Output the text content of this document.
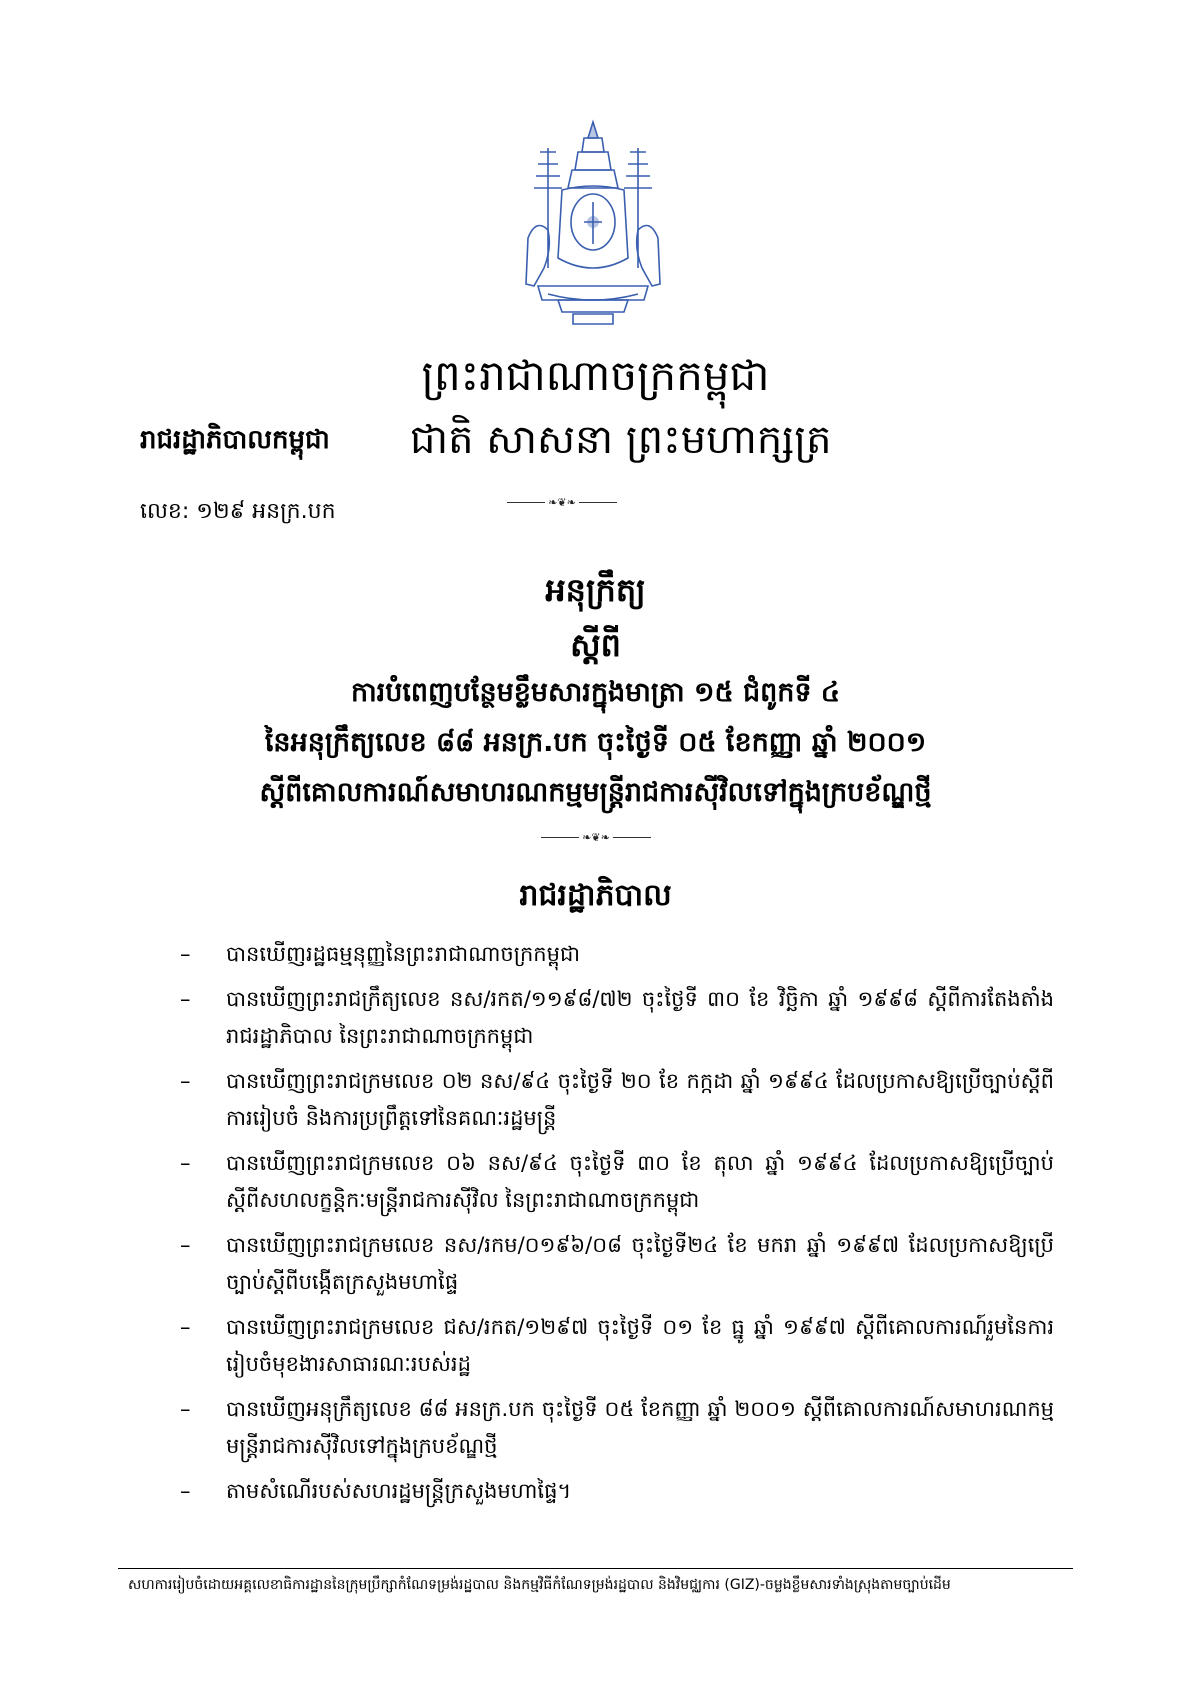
ព្រះរាជាណាចក្រកម្ពុជា
រាជរដ្ឋាភិបាលកម្ពុជា ជាតិ សាសនា ព្រះមហាក្សត្រ
❧❦❧
លេខ: ១២៩ អនក្រ.បក
អនុក្រឹត្យ
ស្តីពី
ការបំពេញបន្ថែមខ្លឹមសារក្នុងមាត្រា ១៥ ជំពូកទី ៤
នៃអនុក្រឹត្យលេខ ៨៨ អនក្រ.បក ចុះថ្ងៃទី ០៥ ខែកញ្ញា ឆ្នាំ ២០០១
ស្តីពីគោលការណ៍សមាហរណកម្មមន្ត្រីរាជការស៊ីវិលទៅក្នុងក្របខ័ណ្ឌថ្មី
❧❦❧
រាជរដ្ឋាភិបាល
– បានឃើញរដ្ឋធម្មនុញ្ញនៃព្រះរាជាណាចក្រកម្ពុជា
– បានឃើញព្រះរាជក្រឹត្យលេខ នស/រកត/១១៩៨/៧២ ចុះថ្ងៃទី ៣០ ខែ វិច្ឆិកា ឆ្នាំ ១៩៩៨ ស្តីពីការតែងតាំងរាជរដ្ឋាភិបាល នៃព្រះរាជាណាចក្រកម្ពុជា
– បានឃើញព្រះរាជក្រមលេខ ០២ នស/៩៤ ចុះថ្ងៃទី ២០ ខែ កក្កដា ឆ្នាំ ១៩៩៤ ដែលប្រកាសឱ្យប្រើច្បាប់ស្តីពីការរៀបចំ និងការប្រព្រឹត្តទៅនៃគណៈរដ្ឋមន្ត្រី
– បានឃើញព្រះរាជក្រមលេខ ០៦ នស/៩៤ ចុះថ្ងៃទី ៣០ ខែ តុលា ឆ្នាំ ១៩៩៤ ដែលប្រកាសឱ្យប្រើច្បាប់ស្តីពីសហលក្ខន្តិកៈមន្ត្រីរាជការស៊ីវិល នៃព្រះរាជាណាចក្រកម្ពុជា
– បានឃើញព្រះរាជក្រមលេខ នស/រកម/០១៩៦/០៨ ចុះថ្ងៃទី២៤ ខែ មករា ឆ្នាំ ១៩៩៧ ដែលប្រកាសឱ្យប្រើច្បាប់ស្តីពីបង្កើតក្រសួងមហាផ្ទៃ
– បានឃើញព្រះរាជក្រមលេខ ជស/រកត/១២៩៧ ចុះថ្ងៃទី ០១ ខែ ធ្នូ ឆ្នាំ ១៩៩៧ ស្តីពីគោលការណ៍រួមនៃការរៀបចំមុខងារសាធារណៈរបស់រដ្ឋ
– បានឃើញអនុក្រឹត្យលេខ ៨៨ អនក្រ.បក ចុះថ្ងៃទី ០៥ ខែកញ្ញា ឆ្នាំ ២០០១ ស្តីពីគោលការណ៍សមាហរណកម្មមន្ត្រីរាជការស៊ីវិលទៅក្នុងក្របខ័ណ្ឌថ្មី
– តាមសំណើរបស់សហរដ្ឋមន្ត្រីក្រសួងមហាផ្ទៃ។
សហការរៀបចំដោយអគ្គលេខាធិការដ្ឋាននៃក្រុមប្រឹក្សាកំណែទម្រង់រដ្ឋបាល និងកម្មវិធីកំណែទម្រង់រដ្ឋបាល និងវិមជ្ឈការ (GIZ)-ចម្លងខ្លឹមសារទាំងស្រុងតាមច្បាប់ដើម
